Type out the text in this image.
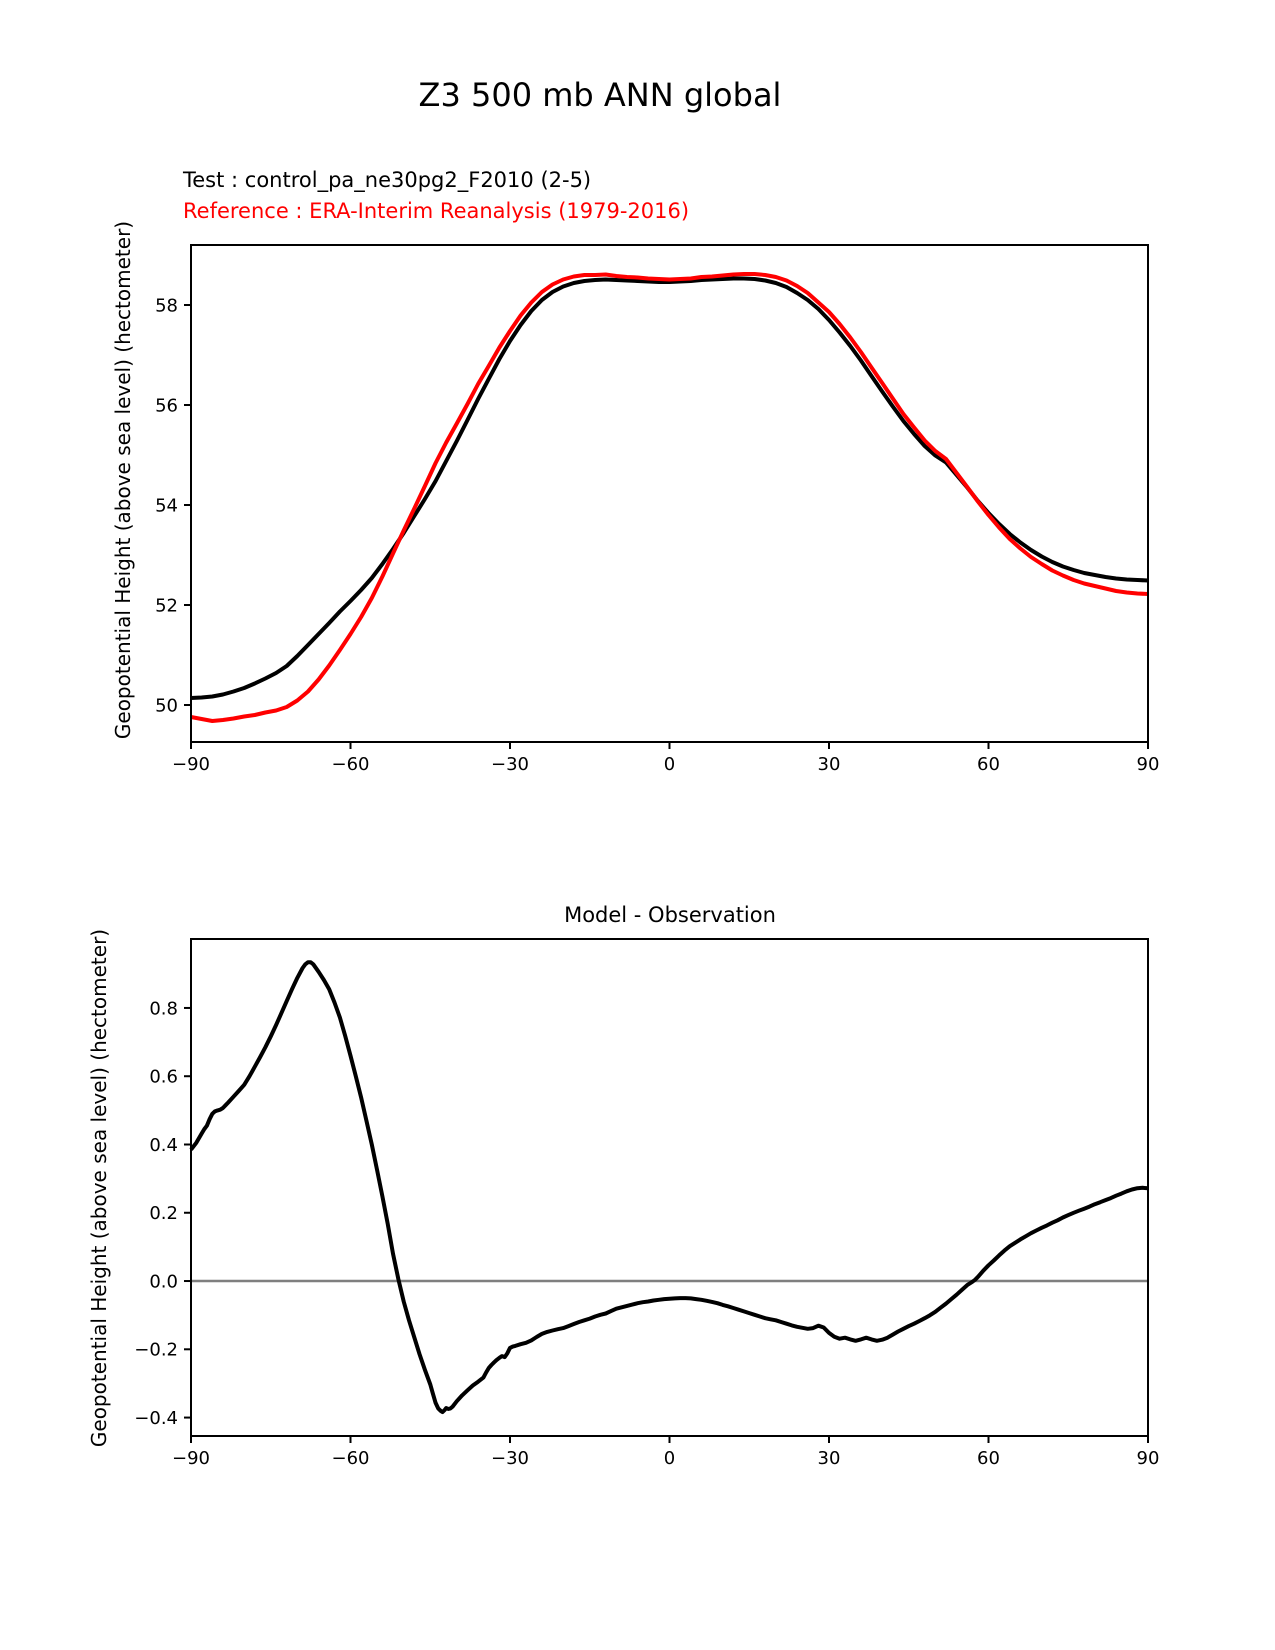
−90	−60	−30	0	30	60	90
58
56
54
52
50
−90	−60	−30	0	30	60	90
0.8
0.6
0.4
0.2
0.0
−0.2
−0.4
Z3 500 mb ANN global
Test : control_pa_ne30pg2_F2010 (2-5)
Reference : ERA-Interim Reanalysis (1979-2016)
Geopotential Height (above sea level) (hectometer)
Model - Observation
Geopotential Height (above sea level) (hectometer)
